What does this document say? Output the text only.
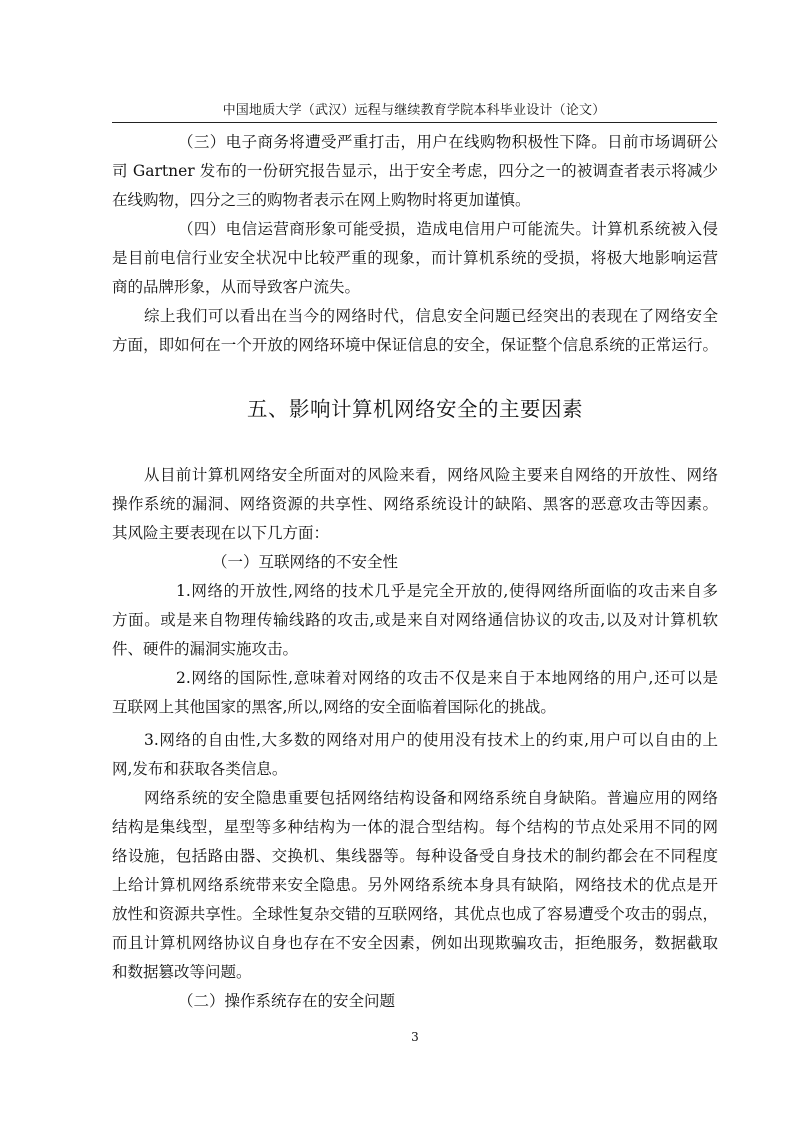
中国地质大学（武汉）远程与继续教育学院本科毕业设计（论文）
（三）电子商务将遭受严重打击，用户在线购物积极性下降。日前市场调研公
司 Gartner 发布的一份研究报告显示，出于安全考虑，四分之一的被调查者表示将减少
在线购物，四分之三的购物者表示在网上购物时将更加谨慎。
（四）电信运营商形象可能受损，造成电信用户可能流失。计算机系统被入侵
是目前电信行业安全状况中比较严重的现象，而计算机系统的受损，将极大地影响运营
商的品牌形象，从而导致客户流失。
综上我们可以看出在当今的网络时代，信息安全问题已经突出的表现在了网络安全
方面，即如何在一个开放的网络环境中保证信息的安全，保证整个信息系统的正常运行。
五、影响计算机网络安全的主要因素
从目前计算机网络安全所面对的风险来看，网络风险主要来自网络的开放性、网络
操作系统的漏洞、网络资源的共享性、网络系统设计的缺陷、黑客的恶意攻击等因素。
其风险主要表现在以下几方面：
（一）互联网络的不安全性
1.网络的开放性,网络的技术几乎是完全开放的,使得网络所面临的攻击来自多
方面。或是来自物理传输线路的攻击,或是来自对网络通信协议的攻击,以及对计算机软
件、硬件的漏洞实施攻击。
2.网络的国际性,意味着对网络的攻击不仅是来自于本地网络的用户,还可以是
互联网上其他国家的黑客,所以,网络的安全面临着国际化的挑战。
3.网络的自由性,大多数的网络对用户的使用没有技术上的约束,用户可以自由的上
网,发布和获取各类信息。
网络系统的安全隐患重要包括网络结构设备和网络系统自身缺陷。普遍应用的网络
结构是集线型，星型等多种结构为一体的混合型结构。每个结构的节点处采用不同的网
络设施，包括路由器、交换机、集线器等。每种设备受自身技术的制约都会在不同程度
上给计算机网络系统带来安全隐患。另外网络系统本身具有缺陷，网络技术的优点是开
放性和资源共享性。全球性复杂交错的互联网络，其优点也成了容易遭受个攻击的弱点，
而且计算机网络协议自身也存在不安全因素，例如出现欺骗攻击，拒绝服务，数据截取
和数据篡改等问题。
（二）操作系统存在的安全问题
3
